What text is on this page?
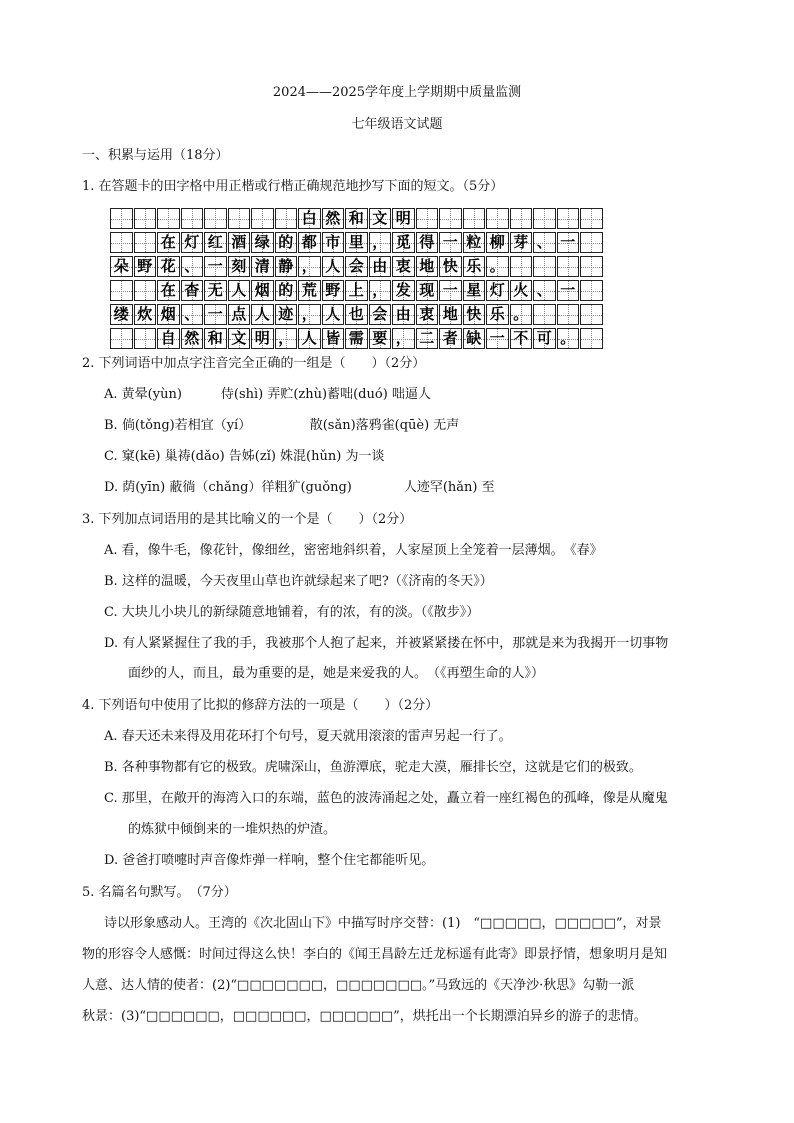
2024——2025学年度上学期期中质量监测
七年级语文试题
一、积累与运用（18分）
1. 在答题卡的田字格中用正楷或行楷正确规范地抄写下面的短文。（5分）
白 然 和 文 明
在 灯 红 酒 绿 的 都 市 里 ， 觅 得 一 粒 柳 芽 、 一
朵 野 花 、 一 刻 清 静 ， 人 会 由 衷 地 快 乐 。
在 杳 无 人 烟 的 荒 野 上 ， 发 现 一 星 灯 火 、 一
缕 炊 烟 、 一 点 人 迹 ， 人 也 会 由 衷 地 快 乐 。
自 然 和 文 明 ， 人 皆 需 要 ， 二 者 缺 一 不 可 。
2. 下列词语中加点字注音完全正确的一组是（　　）（2分）
A. 黄晕(yùn)　　　侍(shì) 弄贮(zhù)蓄咄(duó) 咄逼人
B. 倘(tǒng)若相宜（yí）　　　　　散(sǎn)落鸦雀(qūè) 无声
C. 窠(kē) 巢祷(dǎo) 告姊(zǐ) 姝混(hǔn) 为一谈
D. 荫(yīn) 蔽徜（chǎng）徉粗犷(guǒng)　　　　人迹罕(hǎn) 至
3. 下列加点词语用的是其比喻义的一个是（　　）（2分）
A. 看，像牛毛，像花针，像细丝，密密地斜织着，人家屋顶上全笼着一层薄烟。　《春》
B. 这样的温暖，今天夜里山草也许就绿起来了吧?（《济南的冬天》）
C. 大块儿小块儿的新绿随意地铺着，有的浓，有的淡。（《散步》）
D. 有人紧紧握住了我的手，我被那个人抱了起来，并被紧紧搂在怀中，那就是来为我揭开一切事物
面纱的人，而且，最为重要的是，她是来爱我的人。　（《再塑生命的人》）
4. 下列语句中使用了比拟的修辞方法的一项是（　　）（2分）
A. 春天还未来得及用花环打个句号，夏天就用滚滚的雷声另起一行了。
B. 各种事物都有它的极致。虎啸深山，鱼游潭底，驼走大漠，雁排长空，这就是它们的极致。
C. 那里，在敞开的海湾入口的东端，蓝色的波涛涌起之处，矗立着一座红褐色的孤峰，像是从魔鬼
的炼狱中倾倒来的一堆炽热的炉渣。
D. 爸爸打喷嚏时声音像炸弹一样响，整个住宅都能听见。
5. 名篇名句默写。　（7分）
诗以形象感动人。王湾的《次北固山下》中描写时序交替：(1)　“□□□□□，□□□□□”，对景
物的形容令人感慨：时间过得这么快！李白的《闻王昌龄左迁龙标遥有此寄》即景抒情，想象明月是知
人意、达人情的使者：(2)“□□□□□□□，□□□□□□□。”马致远的《天净沙·秋思》勾勒一派
秋景：(3)“□□□□□□，□□□□□□，□□□□□□”，烘托出一个长期漂泊异乡的游子的悲情。
